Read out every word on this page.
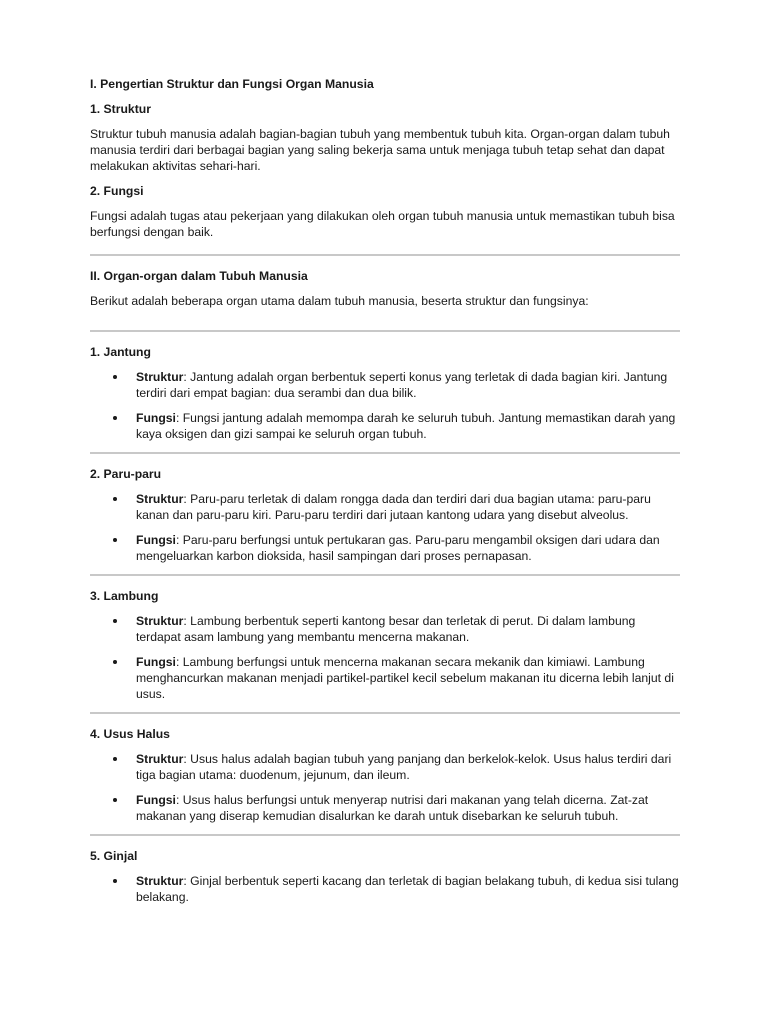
I. Pengertian Struktur dan Fungsi Organ Manusia

1. Struktur

Struktur tubuh manusia adalah bagian-bagian tubuh yang membentuk tubuh kita. Organ-organ dalam tubuh manusia terdiri dari berbagai bagian yang saling bekerja sama untuk menjaga tubuh tetap sehat dan dapat melakukan aktivitas sehari-hari.

2. Fungsi

Fungsi adalah tugas atau pekerjaan yang dilakukan oleh organ tubuh manusia untuk memastikan tubuh bisa berfungsi dengan baik.

II. Organ-organ dalam Tubuh Manusia

Berikut adalah beberapa organ utama dalam tubuh manusia, beserta struktur dan fungsinya:

1. Jantung

Struktur: Jantung adalah organ berbentuk seperti konus yang terletak di dada bagian kiri. Jantung terdiri dari empat bagian: dua serambi dan dua bilik.
Fungsi: Fungsi jantung adalah memompa darah ke seluruh tubuh. Jantung memastikan darah yang kaya oksigen dan gizi sampai ke seluruh organ tubuh.

2. Paru-paru

Struktur: Paru-paru terletak di dalam rongga dada dan terdiri dari dua bagian utama: paru-paru kanan dan paru-paru kiri. Paru-paru terdiri dari jutaan kantong udara yang disebut alveolus.
Fungsi: Paru-paru berfungsi untuk pertukaran gas. Paru-paru mengambil oksigen dari udara dan mengeluarkan karbon dioksida, hasil sampingan dari proses pernapasan.

3. Lambung

Struktur: Lambung berbentuk seperti kantong besar dan terletak di perut. Di dalam lambung terdapat asam lambung yang membantu mencerna makanan.
Fungsi: Lambung berfungsi untuk mencerna makanan secara mekanik dan kimiawi. Lambung menghancurkan makanan menjadi partikel-partikel kecil sebelum makanan itu dicerna lebih lanjut di usus.

4. Usus Halus

Struktur: Usus halus adalah bagian tubuh yang panjang dan berkelok-kelok. Usus halus terdiri dari tiga bagian utama: duodenum, jejunum, dan ileum.
Fungsi: Usus halus berfungsi untuk menyerap nutrisi dari makanan yang telah dicerna. Zat-zat makanan yang diserap kemudian disalurkan ke darah untuk disebarkan ke seluruh tubuh.

5. Ginjal

Struktur: Ginjal berbentuk seperti kacang dan terletak di bagian belakang tubuh, di kedua sisi tulang belakang.
